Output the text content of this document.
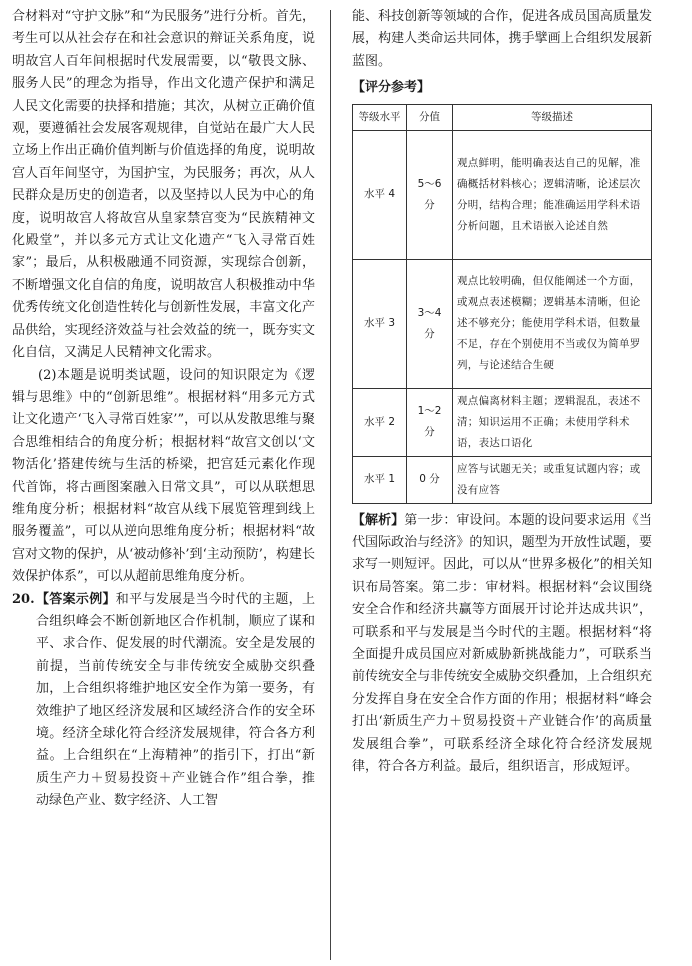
合材料对“守护文脉”和“为民服务”进行分析。首先，考生可以从社会存在和社会意识的辩证关系角度，说明故宫人百年间根据时代发展需要，以“敬畏文脉、服务人民”的理念为指导，作出文化遗产保护和满足人民文化需要的抉择和措施；其次，从树立正确价值观，要遵循社会发展客观规律，自觉站在最广大人民立场上作出正确价值判断与价值选择的角度，说明故宫人百年间坚守，为国护宝，为民服务；再次，从人民群众是历史的创造者，以及坚持以人民为中心的角度，说明故宫人将故宫从皇家禁宫变为“民族精神文化殿堂”，并以多元方式让文化遗产“飞入寻常百姓家”；最后，从积极融通不同资源，实现综合创新，不断增强文化自信的角度，说明故宫人积极推动中华优秀传统文化创造性转化与创新性发展，丰富文化产品供给，实现经济效益与社会效益的统一，既夯实文化自信，又满足人民精神文化需求。

(2)本题是说明类试题，设问的知识限定为《逻辑与思维》中的“创新思维”。根据材料“用多元方式让文化遗产‘飞入寻常百姓家’”，可以从发散思维与聚合思维相结合的角度分析；根据材料“故宫文创以‘文物活化’搭建传统与生活的桥梁，把宫廷元素化作现代首饰，将古画图案融入日常文具”，可以从联想思维角度分析；根据材料“故宫从线下展览管理到线上服务覆盖”，可以从逆向思维角度分析；根据材料“故宫对文物的保护，从‘被动修补’到‘主动预防’，构建长效保护体系”，可以从超前思维角度分析。

20. 【答案示例】和平与发展是当今时代的主题，上合组织峰会不断创新地区合作机制，顺应了谋和平、求合作、促发展的时代潮流。安全是发展的前提，当前传统安全与非传统安全威胁交织叠加，上合组织将维护地区安全作为第一要务，有效维护了地区经济发展和区域经济合作的安全环境。经济全球化符合经济发展规律，符合各方利益。上合组织在“上海精神”的指引下，打出“新质生产力＋贸易投资＋产业链合作”组合拳，推动绿色产业、数字经济、人工智

能、科技创新等领域的合作，促进各成员国高质量发展，构建人类命运共同体，携手擘画上合组织发展新蓝图。

【评分参考】

等级水平	分值	等级描述
水平 4	5～6 分	观点鲜明，能明确表达自己的见解，准确概括材料核心；逻辑清晰，论述层次分明，结构合理；能准确运用学科术语分析问题，且术语嵌入论述自然
水平 3	3～4 分	观点比较明确，但仅能阐述一个方面，或观点表述模糊；逻辑基本清晰，但论述不够充分；能使用学科术语，但数量不足，存在个别使用不当或仅为简单罗列，与论述结合生硬
水平 2	1～2 分	观点偏离材料主题；逻辑混乱，表述不清；知识运用不正确；未使用学科术语，表达口语化
水平 1	0 分	应答与试题无关；或重复试题内容；或没有应答

【解析】第一步：审设问。本题的设问要求运用《当代国际政治与经济》的知识，题型为开放性试题，要求写一则短评。因此，可以从“世界多极化”的相关知识布局答案。第二步：审材料。根据材料“会议围绕安全合作和经济共赢等方面展开讨论并达成共识”，可联系和平与发展是当今时代的主题。根据材料“将全面提升成员国应对新威胁新挑战能力”，可联系当前传统安全与非传统安全威胁交织叠加，上合组织充分发挥自身在安全合作方面的作用；根据材料“峰会打出‘新质生产力＋贸易投资＋产业链合作’的高质量发展组合拳”，可联系经济全球化符合经济发展规律，符合各方利益。最后，组织语言，形成短评。
